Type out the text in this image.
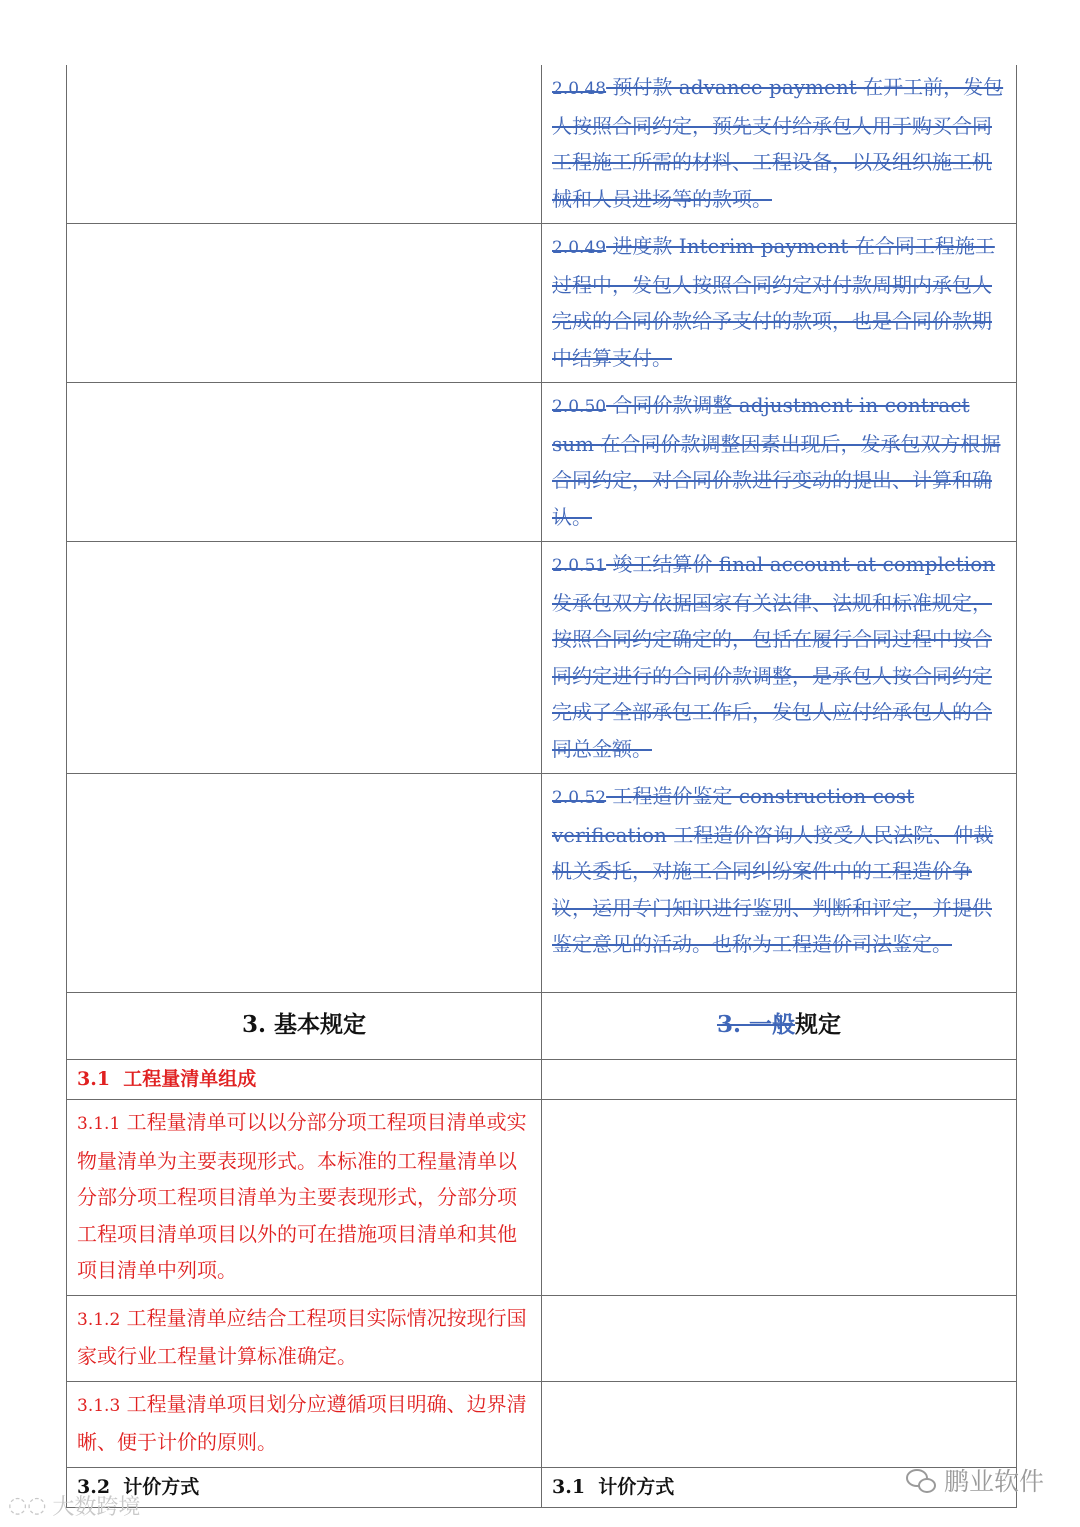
	2.0.48 预付款 advance payment 在开工前，发包人按照合同约定，预先支付给承包人用于购买合同工程施工所需的材料、工程设备，以及组织施工机械和人员进场等的款项。

	2.0.49 进度款 Interim payment 在合同工程施工过程中，发包人按照合同约定对付款周期内承包人完成的合同价款给予支付的款项，也是合同价款期中结算支付。

	2.0.50 合同价款调整 adjustment in contract sum 在合同价款调整因素出现后，发承包双方根据合同约定，对合同价款进行变动的提出、计算和确认。

	2.0.51 竣工结算价 final account at completion 发承包双方依据国家有关法律、法规和标准规定，按照合同约定确定的，包括在履行合同过程中按合同约定进行的合同价款调整，是承包人按合同约定完成了全部承包工作后，发包人应付给承包人的合同总金额。

	2.0.52 工程造价鉴定 construction cost verification 工程造价咨询人接受人民法院、仲裁机关委托，对施工合同纠纷案件中的工程造价争议，运用专门知识进行鉴别、判断和评定，并提供鉴定意见的活动。也称为工程造价司法鉴定。

3. 基本规定	3. 一般规定

3.1 工程量清单组成	

3.1.1 工程量清单可以以分部分项工程项目清单或实物量清单为主要表现形式。本标准的工程量清单以分部分项工程项目清单为主要表现形式，分部分项工程项目清单项目以外的可在措施项目清单和其他项目清单中列项。	

3.1.2 工程量清单应结合工程项目实际情况按现行国家或行业工程量计算标准确定。	

3.1.3 工程量清单项目划分应遵循项目明确、边界清晰、便于计价的原则。	

3.2 计价方式	3.1 计价方式	鹏业软件
◌◌ 大数跨境
